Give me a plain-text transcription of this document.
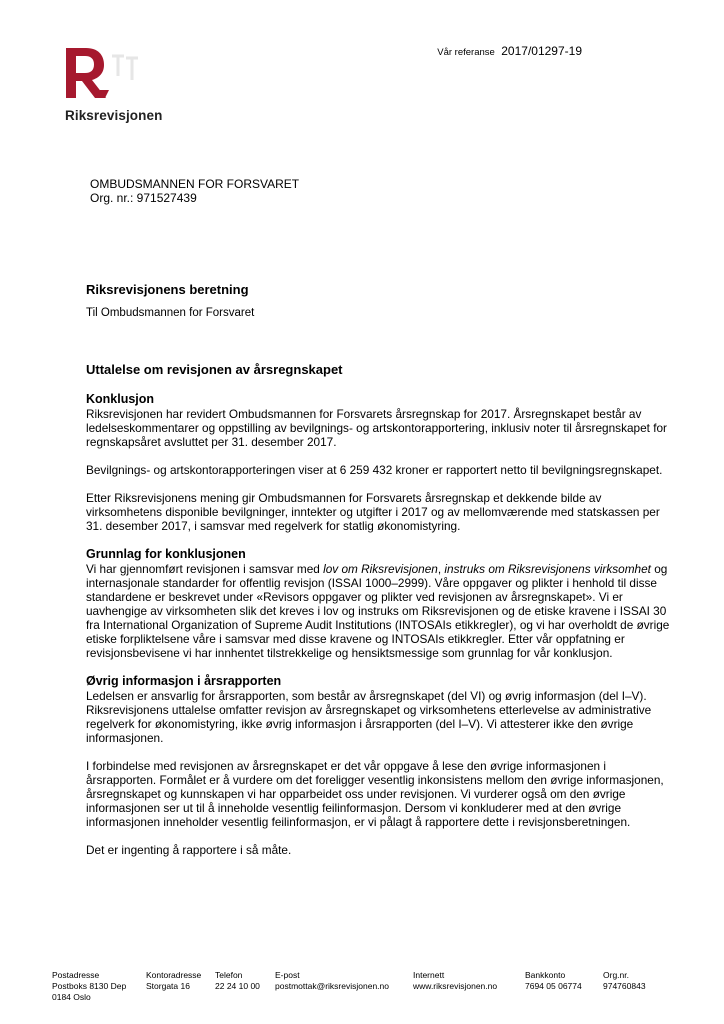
Riksrevisjonen
Vår referanse 2017/01297-19
OMBUDSMANNEN FOR FORSVARET
Org. nr.: 971527439
Riksrevisjonens beretning

Til Ombudsmannen for Forsvaret

Uttalelse om revisjonen av årsregnskapet
Konklusjon

Riksrevisjonen har revidert Ombudsmannen for Forsvarets årsregnskap for 2017. Årsregnskapet består av ledelseskommentarer og oppstilling av bevilgnings- og artskontorapportering, inklusiv noter til årsregnskapet for regnskapsåret avsluttet per 31. desember 2017.

Bevilgnings- og artskontorapporteringen viser at 6 259 432 kroner er rapportert netto til bevilgningsregnskapet.

Etter Riksrevisjonens mening gir Ombudsmannen for Forsvarets årsregnskap et dekkende bilde av virksomhetens disponible bevilgninger, inntekter og utgifter i 2017 og av mellomværende med statskassen per 31. desember 2017, i samsvar med regelverk for statlig økonomistyring.

Grunnlag for konklusjonen

Vi har gjennomført revisjonen i samsvar med lov om Riksrevisjonen, instruks om Riksrevisjonens virksomhet og internasjonale standarder for offentlig revisjon (ISSAI 1000–2999). Våre oppgaver og plikter i henhold til disse standardene er beskrevet under «Revisors oppgaver og plikter ved revisjonen av årsregnskapet». Vi er uavhengige av virksomheten slik det kreves i lov og instruks om Riksrevisjonen og de etiske kravene i ISSAI 30 fra International Organization of Supreme Audit Institutions (INTOSAIs etikkregler), og vi har overholdt de øvrige etiske forpliktelsene våre i samsvar med disse kravene og INTOSAIs etikkregler. Etter vår oppfatning er revisjonsbevisene vi har innhentet tilstrekkelige og hensiktsmessige som grunnlag for vår konklusjon.

Øvrig informasjon i årsrapporten

Ledelsen er ansvarlig for årsrapporten, som består av årsregnskapet (del VI) og øvrig informasjon (del I–V). Riksrevisjonens uttalelse omfatter revisjon av årsregnskapet og virksomhetens etterlevelse av administrative regelverk for økonomistyring, ikke øvrig informasjon i årsrapporten (del I–V). Vi attesterer ikke den øvrige informasjonen.

I forbindelse med revisjonen av årsregnskapet er det vår oppgave å lese den øvrige informasjonen i årsrapporten. Formålet er å vurdere om det foreligger vesentlig inkonsistens mellom den øvrige informasjonen, årsregnskapet og kunnskapen vi har opparbeidet oss under revisjonen. Vi vurderer også om den øvrige informasjonen ser ut til å inneholde vesentlig feilinformasjon. Dersom vi konkluderer med at den øvrige informasjonen inneholder vesentlig feilinformasjon, er vi pålagt å rapportere dette i revisjonsberetningen.

Det er ingenting å rapportere i så måte.

Postadresse
Postboks 8130 Dep
0184 Oslo
Kontoradresse
Storgata 16
Telefon
22 24 10 00
E-post
postmottak@riksrevisjonen.no
Internett
www.riksrevisjonen.no
Bankkonto
7694 05 06774
Org.nr.
974760843
